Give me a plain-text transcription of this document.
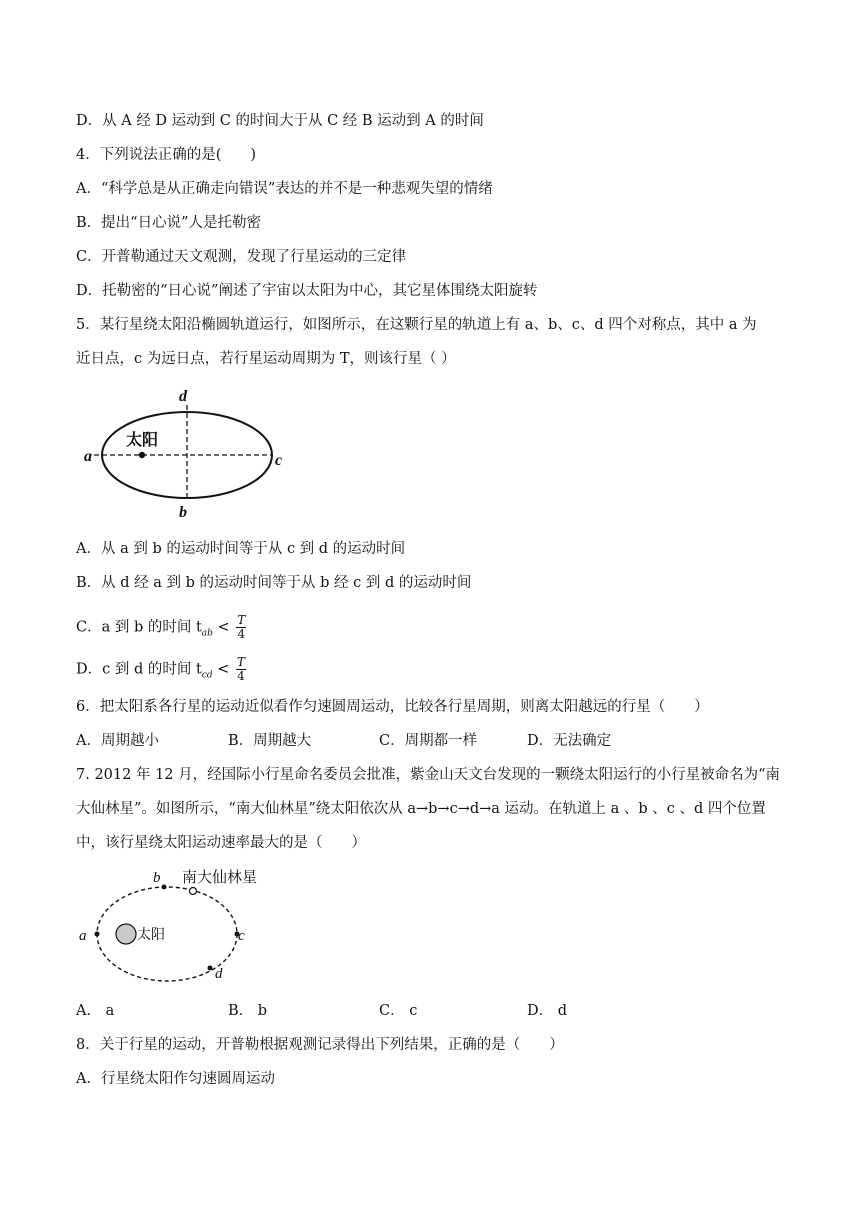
D．从 A 经 D 运动到 C 的时间大于从 C 经 B 运动到 A 的时间
4．下列说法正确的是(　　)
A．“科学总是从正确走向错误”表达的并不是一种悲观失望的情绪
B．提出“日心说”人是托勒密
C．开普勒通过天文观测，发现了行星运动的三定律
D．托勒密的“日心说”阐述了宇宙以太阳为中心，其它星体围绕太阳旋转
5．某行星绕太阳沿椭圆轨道运行，如图所示，在这颗行星的轨道上有 a、b、c、d 四个对称点，其中 a 为
近日点，c 为远日点，若行星运动周期为 T，则该行星（ ）
太阳
a	c
d
b
A．从 a 到 b 的运动时间等于从 c 到 d 的运动时间
B．从 d 经 a 到 b 的运动时间等于从 b 经 c 到 d 的运动时间
C．a 到 b 的时间 $t_{ab} < \frac{T}{4}$
D．c 到 d 的时间 $t_{cd} < \frac{T}{4}$
6．把太阳系各行星的运动近似看作匀速圆周运动，比较各行星周期，则离太阳越远的行星（　　）
A．周期越小	B．周期越大	C．周期都一样	D．无法确定
7. 2012 年 12 月，经国际小行星命名委员会批准，紫金山天文台发现的一颗绕太阳运行的小行星被命名为“南
大仙林星”。如图所示，“南大仙林星”绕太阳依次从 a→b→c→d→a 运动。在轨道上 a 、b 、c 、d 四个位置
中，该行星绕太阳运动速率最大的是（　　）
太阳
a	c
b
d
南大仙林星
A． a	B． b	C． c	D． d
8．关于行星的运动，开普勒根据观测记录得出下列结果，正确的是（　　）
A．行星绕太阳作匀速圆周运动
